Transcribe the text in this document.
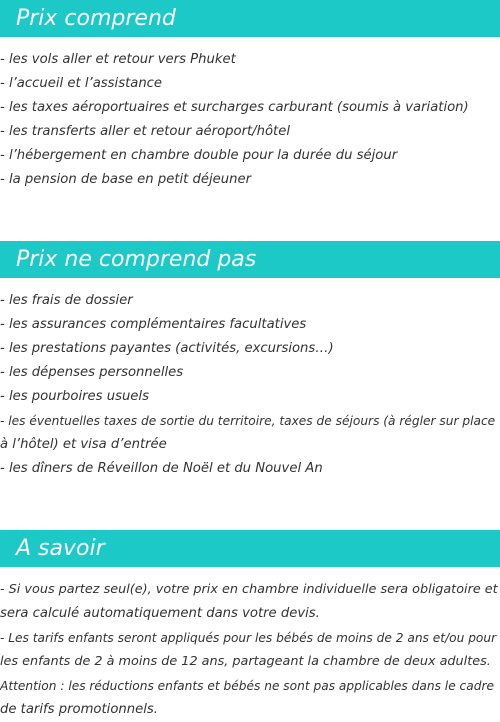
Prix comprend
- les vols aller et retour vers Phuket
- l’accueil et l’assistance
- les taxes aéroportuaires et surcharges carburant (soumis à variation)
- les transferts aller et retour aéroport/hôtel
- l’hébergement en chambre double pour la durée du séjour
- la pension de base en petit déjeuner
Prix ne comprend pas
- les frais de dossier
- les assurances complémentaires facultatives
- les prestations payantes (activités, excursions…)
- les dépenses personnelles
- les pourboires usuels
- les éventuelles taxes de sortie du territoire, taxes de séjours (à régler sur place
à l’hôtel) et visa d’entrée
- les dîners de Réveillon de Noël et du Nouvel An
A savoir
- Si vous partez seul(e), votre prix en chambre individuelle sera obligatoire et
sera calculé automatiquement dans votre devis.
- Les tarifs enfants seront appliqués pour les bébés de moins de 2 ans et/ou pour
les enfants de 2 à moins de 12 ans, partageant la chambre de deux adultes.
Attention : les réductions enfants et bébés ne sont pas applicables dans le cadre
de tarifs promotionnels.
